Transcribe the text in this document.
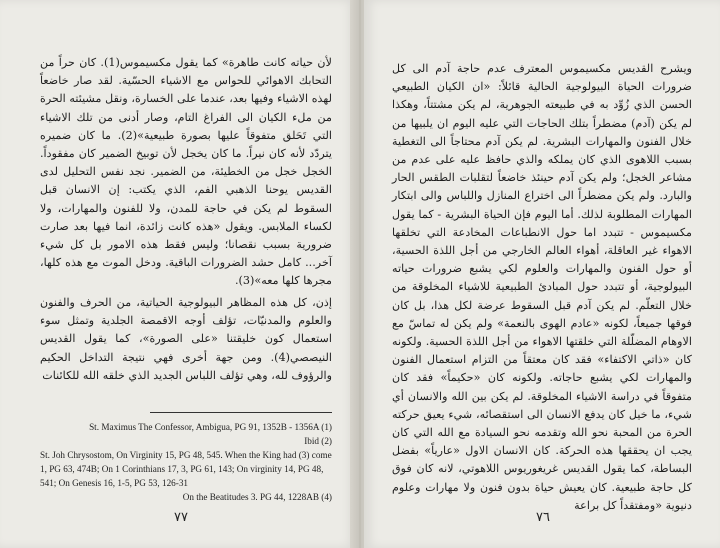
لأن حياته كانت طاهرة» كما يقول مكسيموس(1). كان حراً من التحابك الاهوائي للحواس مع الاشياء الحسّية. لقد صار خاضعاً لهذه الاشياء وفيها بعد، عندما على الخسارة، ونقل مشيئته الحرة من ملء الكيان الى الفراغ التام، وصار أدنى من تلك الاشياء التي تَحَلق متفوقاً عليها بصورة طبيعية»(2). ما كان ضميره يتردّد لأنه كان نيراً. ما كان يخجل لأن توبيخ الضمير كان مفقوداً. الخجل خجل من الخطيئة، من الضمير. نجد نفس التحليل لدى القديس يوحنا الذهبي الفم، الذي يكتب: إن الانسان قبل السقوط لم يكن في حاجة للمدن، ولا للفنون والمهارات، ولا لكساء الملابس. ويقول «هذه كانت زائدة، انما فيها بعد صارت ضرورية بسبب نقصانا؛ وليس فقط هذه الامور بل كل شيء آخر... كامل حشد الضرورات الباقية. ودخل الموت مع هذه كلها، مجرها كلها معه»(3).

إذن، كل هذه المظاهر البيولوجية الحياتية، من الحرف والفنون والعلوم والمدنيّات، تؤلف أوجه الاقمصة الجلدية وتمثل سوء استعمال كون خليقتنا «على الصورة»، كما يقول القديس النيصصي(4). ومن جهة أخرى فهي نتيجة التداخل الحكيم والرؤوف لله، وهي تؤلف اللباس الجديد الذي خلقه الله للكائنات

St. Maximus The Confessor, Ambigua, PG 91, 1352B - 1356A (1)
Ibid (2)
St. Joh Chrysostom, On Virginity 15, PG 48, 545. When the King had (3) come 1, PG 63, 474B; On 1 Corinthians 17, 3, PG 61, 143; On virginity 14, PG 48, 541; On Genesis 16, 1-5, PG 53, 126-31
On the Beatitudes 3. PG 44, 1228AB (4)
٧٧

ويشرح القديس مكسيموس المعترف عدم حاجة آدم الى كل ضرورات الحياة البيولوجية الحالية قائلاً: «ان الكيان الطبيعي الحسن الذي زُوِّد به في طبيعته الجوهرية، لم يكن مشتتاً، وهكذا لم يكن (آدم) مضطراً بتلك الحاجات التي عليه اليوم ان يلبيها من خلال الفنون والمهارات البشرية. لم يكن آدم محتاجاً الى التغطية بسبب اللاهوى الذي كان يملكه والذي حافظ عليه على عدم من مشاعر الخجل؛ ولم يكن آدم حينئذ خاضعاً لتقلبات الطقس الحار والبارد. ولم يكن مضطراً الى اختراع المنازل واللباس والى ابتكار المهارات المطلوبة لذلك. أما اليوم فإن الحياة البشرية - كما يقول مكسيموس - تتبدد اما حول الانطباعات المخادعة التي تخلقها الاهواء غير العاقلة، أهواء العالم الخارجي من أجل اللذة الحسية، أو حول الفنون والمهارات والعلوم لكي يشبع ضرورات حياته البيولوجية، أو تتبدد حول المبادئ الطبيعية للاشياء المخلوقة من خلال التعلّم. لم يكن آدم قبل السقوط عرضة لكل هذا، بل كان فوقها جميعاً، لكونه «عادم الهوى بالنعمة» ولم يكن له تماسّ مع الاوهام المضلّلة التي خلقتها الاهواء من أجل اللذة الحسية. ولكونه كان «ذاتي الاكتفاء» فقد كان معتقاً من التزام استعمال الفنون والمهارات لكي يشبع حاجاته. ولكونه كان «حكيماً» فقد كان متفوقاً في دراسة الاشياء المخلوقة. لم يكن بين الله والانسان أي شيء، ما خيل كان يدفع الانسان الى استقصائه، شيء يعيق حركته الحرة من المحبة نحو الله وتقدمه نحو السيادة مع الله التي كان يجب ان يحققها هذه الحركة. كان الانسان الاول «عارياً» بفضل البساطة، كما يقول القديس غريغوريوس اللاهوتي، لانه كان فوق كل حاجة طبيعية. كان يعيش حياة بدون فنون ولا مهارات وعلوم دنيوية «ومفتقداً كل براعة

٧٦
